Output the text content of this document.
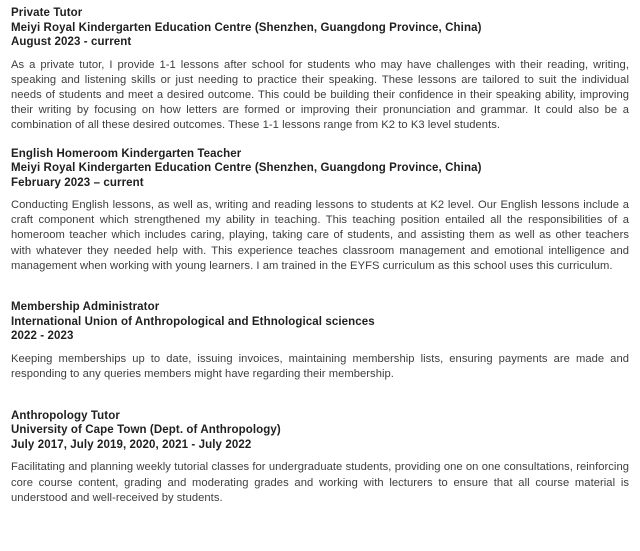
Private Tutor
Meiyi Royal Kindergarten Education Centre (Shenzhen, Guangdong Province, China)
August 2023 - current

As a private tutor, I provide 1-1 lessons after school for students who may have challenges with their reading, writing, speaking and listening skills or just needing to practice their speaking. These lessons are tailored to suit the individual needs of students and meet a desired outcome. This could be building their confidence in their speaking ability, improving their writing by focusing on how letters are formed or improving their pronunciation and grammar. It could also be a combination of all these desired outcomes. These 1-1 lessons range from K2 to K3 level students.

English Homeroom Kindergarten Teacher
Meiyi Royal Kindergarten Education Centre (Shenzhen, Guangdong Province, China)
February 2023 – current

Conducting English lessons, as well as, writing and reading lessons to students at K2 level. Our English lessons include a craft component which strengthened my ability in teaching. This teaching position entailed all the responsibilities of a homeroom teacher which includes caring, playing, taking care of students, and assisting them as well as other teachers with whatever they needed help with. This experience teaches classroom management and emotional intelligence and management when working with young learners. I am trained in the EYFS curriculum as this school uses this curriculum.

Membership Administrator
International Union of Anthropological and Ethnological sciences
2022 - 2023

Keeping memberships up to date, issuing invoices, maintaining membership lists, ensuring payments are made and responding to any queries members might have regarding their membership.

Anthropology Tutor
University of Cape Town (Dept. of Anthropology)
July 2017, July 2019, 2020, 2021 - July 2022

Facilitating and planning weekly tutorial classes for undergraduate students, providing one on one consultations, reinforcing core course content, grading and moderating grades and working with lecturers to ensure that all course material is understood and well-received by students.
